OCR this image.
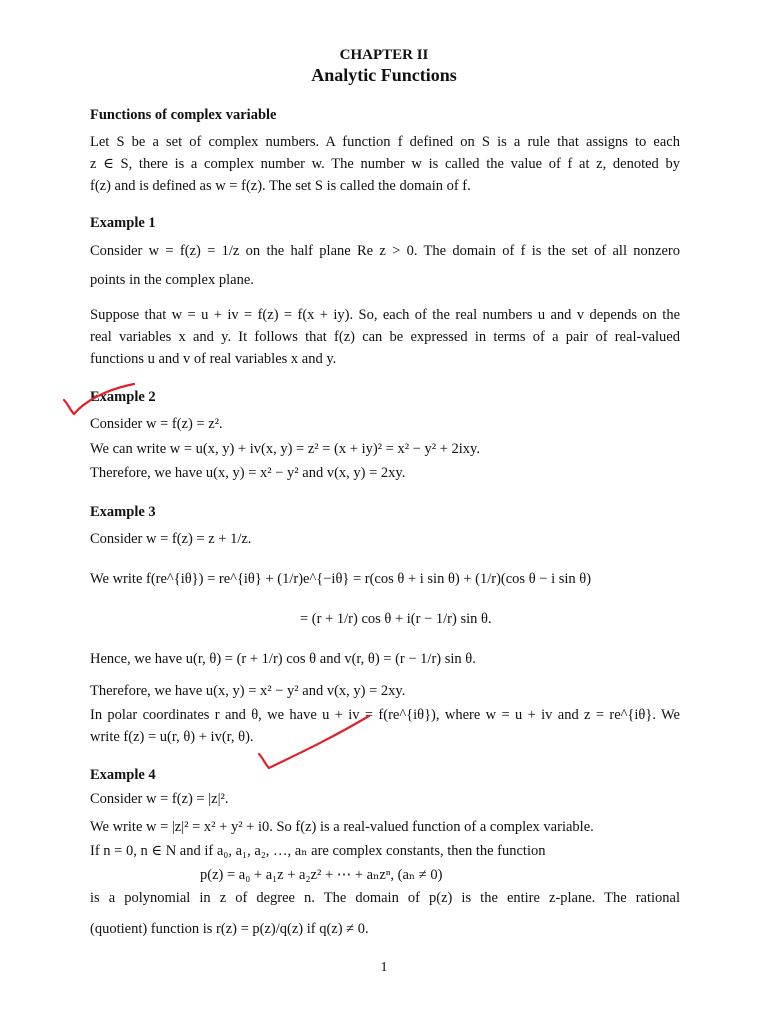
CHAPTER II
Analytic Functions
Functions of complex variable
Let S be a set of complex numbers. A function f defined on S is a rule that assigns to each
z ∈ S, there is a complex number w. The number w is called the value of f at z, denoted by
f(z) and is defined as w = f(z). The set S is called the domain of f.
Example 1
Consider w = f(z) = 1/z on the half plane Re z > 0. The domain of f is the set of all nonzero
points in the complex plane.
Suppose that w = u + iv = f(z) = f(x + iy). So, each of the real numbers u and v depends on the
real variables x and y. It follows that f(z) can be expressed in terms of a pair of real-valued
functions u and v of real variables x and y.
Example 2
Consider w = f(z) = z².
We can write w = u(x, y) + iv(x, y) = z² = (x + iy)² = x² − y² + 2ixy.
Therefore, we have u(x, y) = x² − y² and v(x, y) = 2xy.
Example 3
Consider w = f(z) = z + 1/z.
We write f(re^{iθ}) = re^{iθ} + (1/r)e^{−iθ} = r(cos θ + i sin θ) + (1/r)(cos θ − i sin θ)
= (r + 1/r) cos θ + i(r − 1/r) sin θ.
Hence, we have u(r, θ) = (r + 1/r) cos θ and v(r, θ) = (r − 1/r) sin θ.
Therefore, we have u(x, y) = x² − y² and v(x, y) = 2xy.
In polar coordinates r and θ, we have u + iv = f(re^{iθ}), where w = u + iv and z = re^{iθ}. We
write f(z) = u(r, θ) + iv(r, θ).
Example 4
Consider w = f(z) = |z|².
We write w = |z|² = x² + y² + i0. So f(z) is a real-valued function of a complex variable.
If n = 0, n ∈ N and if a₀, a₁, a₂, …, aₙ are complex constants, then the function
p(z) = a₀ + a₁z + a₂z² + ⋯ + aₙzⁿ, (aₙ ≠ 0)
is a polynomial in z of degree n. The domain of p(z) is the entire z-plane. The rational
(quotient) function is r(z) = p(z)/q(z) if q(z) ≠ 0.
1
